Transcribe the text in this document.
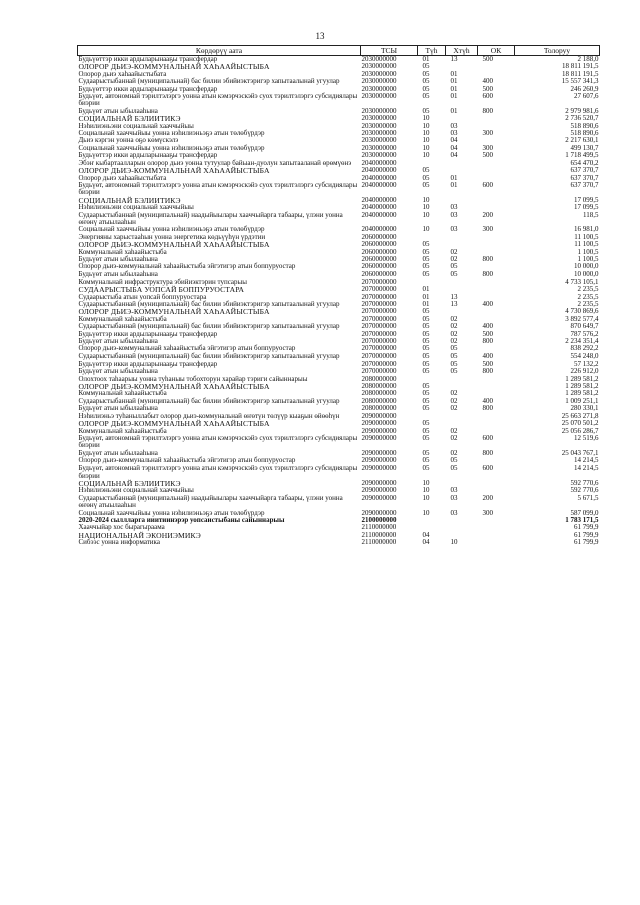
13
Көрдөрүү аата	ТСЫ	Түһ	Хтүһ	ОК	Толоруу
Будьүөттэр икки ардыларынааҕы трансфердар	2030000000	01	13	500	2 188,0
ОЛОРОР ДЬИЭ-КОММУНАЛЬНАЙ ХАҺААЙЫСТЫБА	2030000000	05			18 811 191,5
Олорор дьиэ хаһаайыстыбата	2030000000	05	01		18 811 191,5
Судаарыстыбаннай (муниципальнай) бас билии эбийиэктэригэр хапытаалынай угуулар	2030000000	05	01	400	15 557 341,3
Будьүөттэр икки ардыларынааҕы трансфердар	2030000000	05	01	500	246 260,9
Будьүөт, автономнай тэрилтэлэргэ уонна атын кэмэрчэскэйэ суох тэрилтэлэргэ субсидиялары биэрии	2030000000	05	01	600	27 607,6
Будьүөт атын ыбылааһына	2030000000	05	01	800	2 979 981,6
СОЦИАЛЬНАЙ БЭЛИИТИКЭ	2030000000	10			2 736 520,7
Нэһилиэньэни социальнай хааччыйыы	2030000000	10	03		518 890,6
Социальнай хааччыйыы уонна нэһилиэньэҕэ атын төлөбүрдэр	2030000000	10	03	300	518 890,6
Дьиэ кэргэн уонна оҕо көмүскэлэ	2030000000	10	04		2 217 630,1
Социальнай хааччыйыы уонна нэһилиэньэҕэ атын төлөбүрдэр	2030000000	10	04	300	499 130,7
Будьүөттэр икки ардыларынааҕы трансфердар	2030000000	10	04	500	1 718 499,5
Эбэҥ кыбартаалларын олорор дьиэ уонна тутуулар байыан-дуолун хапытааланай өрөмүөнэ	2040000000				654 470,2
ОЛОРОР ДЬИЭ-КОММУНАЛЬНАЙ ХАҺААЙЫСТЫБА	2040000000	05			637 370,7
Олорор дьиэ хаһаайыстыбата	2040000000	05	01		637 370,7
Будьүөт, автономнай тэрилтэлэргэ уонна атын кэмэрчэскэйэ суох тэрилтэлэргэ субсидиялары биэрии	2040000000	05	01	600	637 370,7
СОЦИАЛЬНАЙ БЭЛИИТИКЭ	2040000000	10			17 099,5
Нэһилиэньэни социальнай хааччыйыы	2040000000	10	03		17 099,5
Судаарыстыбаннай (муниципальнай) наадыйыылары хааччыйарга табаары, үлэни уонна өҥөнү атыылааһын	2040000000	10	03	200	118,5
Социальнай хааччыйыы уонна нэһилиэньэҕэ атын төлөбүрдэр	2040000000	10	03	300	16 981,0
Энергияны харыстааһын уонна энергетика көдьүүһүн үрдэтии	2060000000				11 100,5
ОЛОРОР ДЬИЭ-КОММУНАЛЬНАЙ ХАҺААЙЫСТЫБА	2060000000	05			11 100,5
Коммунальнай хаһаайыстыба	2060000000	05	02		1 100,5
Будьүөт атын ыбылааһына	2060000000	05	02	800	1 100,5
Олорор дьиэ-коммунальнай хаһаайыстыба эйгэтигэр атын боппуруостар	2060000000	05	05		10 000,0
Будьүөт атын ыбылааһына	2060000000	05	05	800	10 000,0
Коммунальнай инфраструктура эбийиэктэрин тупсарыы	2070000000				4 733 105,1
СУДААРЫСТЫБА УОПСАЙ БОППУРУОСТАРА	2070000000	01			2 235,5
Судаарыстыба атын уопсай боппуруостара	2070000000	01	13		2 235,5
Судаарыстыбаннай (муниципальнай) бас билии эбийиэктэригэр хапытаалынай угуулар	2070000000	01	13	400	2 235,5
ОЛОРОР ДЬИЭ-КОММУНАЛЬНАЙ ХАҺААЙЫСТЫБА	2070000000	05			4 730 869,6
Коммунальнай хаһаайыстыба	2070000000	05	02		3 892 577,4
Судаарыстыбаннай (муниципальнай) бас билии эбийиэктэригэр хапытаалынай угуулар	2070000000	05	02	400	870 649,7
Будьүөттэр икки ардыларынааҕы трансфердар	2070000000	05	02	500	787 576,2
Будьүөт атын ыбылааһына	2070000000	05	02	800	2 234 351,4
Олорор дьиэ-коммунальнай хаһаайыстыба эйгэтигэр атын боппуруостар	2070000000	05	05		838 292,2
Судаарыстыбаннай (муниципальнай) бас билии эбийиэктэригэр хапытаалынай угуулар	2070000000	05	05	400	554 248,0
Будьүөттэр икки ардыларынааҕы трансфердар	2070000000	05	05	500	57 132,2
Будьүөт атын ыбылааһына	2070000000	05	05	800	226 912,0
Олохтоох таһаарыы уонна туһаныы тобохторун харайар тэриги сайыннарыы	2080000000				1 289 581,2
ОЛОРОР ДЬИЭ-КОММУНАЛЬНАЙ ХАҺААЙЫСТЫБА	2080000000	05			1 289 581,2
Коммунальнай хаһаайыстыба	2080000000	05	02		1 289 581,2
Судаарыстыбаннай (муниципальнай) бас билии эбийиэктэригэр хапытаалынай угуулар	2080000000	05	02	400	1 009 251,1
Будьүөт атын ыбылааһына	2080000000	05	02	800	280 330,1
Нэһилиэньэ туһаныллабыт олорор дьиэ-коммунальнай өҥөтүн төлүүр кыаҕын өйөөһүн	2090000000				25 663 271,8
ОЛОРОР ДЬИЭ-КОММУНАЛЬНАЙ ХАҺААЙЫСТЫБА	2090000000	05			25 070 501,2
Коммунальнай хаһаайыстыба	2090000000	05	02		25 056 286,7
Будьүөт, автономнай тэрилтэлэргэ уонна атын кэмэрчэскэйэ суох тэрилтэлэргэ субсидиялары биэрии	2090000000	05	02	600	12 519,6
Будьүөт атын ыбылааһына	2090000000	05	02	800	25 043 767,1
Олорор дьиэ-коммунальнай хаһаайыстыба эйгэтигэр атын боппуруостар	2090000000	05	05		14 214,5
Будьүөт, автономнай тэрилтэлэргэ уонна атын кэмэрчэскэйэ суох тэрилтэлэргэ субсидиялары биэрии	2090000000	05	05	600	14 214,5
СОЦИАЛЬНАЙ БЭЛИИТИКЭ	2090000000	10			592 770,6
Нэһилиэньэни социальнай хааччыйыы	2090000000	10	03		592 770,6
Судаарыстыбаннай (муниципальнай) наадыйыылары хааччыйарга табаары, үлэни уонна өҥөнү атыылааһын	2090000000	10	03	200	5 671,5
Социальнай хааччыйыы уонна нэһилиэньэҕэ атын төлөбүрдэр	2090000000	10	03	300	587 099,0
2020-2024 сыллларга ииитиинэрэр уопсаистыбаны сайыннарыы	2100000000				1 783 171,5
Хааччыйар хос бырагыраама	2110000000				61 799,9
НАЦИОНАЛЬНАЙ ЭКОНИЭМИКЭ	2110000000	04			61 799,9
Сибээс уонна информатика	2110000000	04	10		61 799,9
